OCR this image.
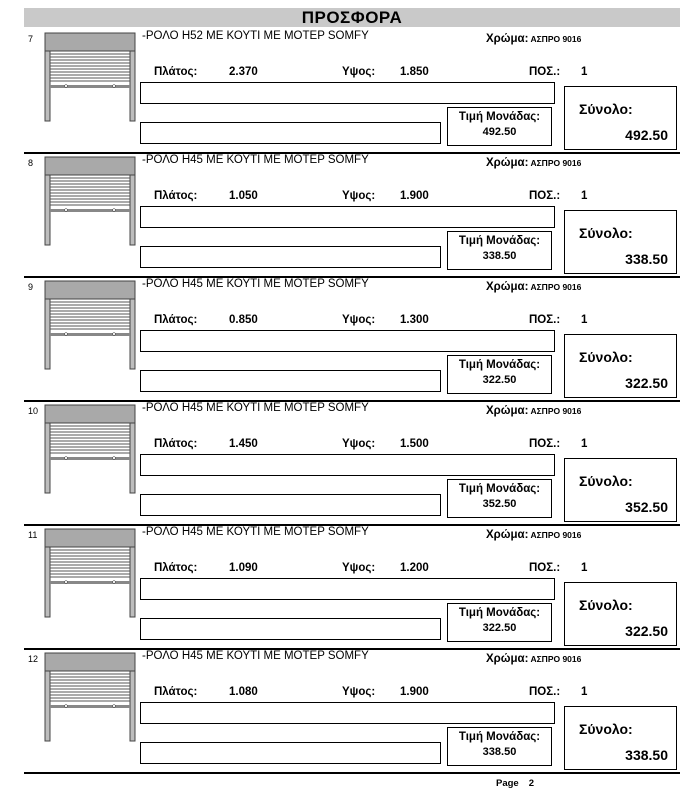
ΠΡΟΣΦΟΡΑ
7	-ΡΟΛΟ Η52 ΜΕ ΚΟΥΤΙ ΜΕ ΜΟΤΕΡ SOMFY	Χρώμα: ΑΣΠΡΟ 9016
Πλάτος:	2.370	Υψος: 1.850	ΠΟΣ.: 1
Τιμή Μονάδας:
492.50
Σύνολο:
492.50
8	-ΡΟΛΟ Η45 ΜΕ ΚΟΥΤΙ ΜΕ ΜΟΤΕΡ SOMFY	Χρώμα: ΑΣΠΡΟ 9016
Πλάτος:	1.050	Υψος: 1.900	ΠΟΣ.: 1
Τιμή Μονάδας:
338.50
Σύνολο:
338.50
9	-ΡΟΛΟ Η45 ΜΕ ΚΟΥΤΙ ΜΕ ΜΟΤΕΡ SOMFY	Χρώμα: ΑΣΠΡΟ 9016
Πλάτος:	0.850	Υψος: 1.300	ΠΟΣ.: 1
Τιμή Μονάδας:
322.50
Σύνολο:
322.50
10	-ΡΟΛΟ Η45 ΜΕ ΚΟΥΤΙ ΜΕ ΜΟΤΕΡ SOMFY	Χρώμα: ΑΣΠΡΟ 9016
Πλάτος:	1.450	Υψος: 1.500	ΠΟΣ.: 1
Τιμή Μονάδας:
352.50
Σύνολο:
352.50
11	-ΡΟΛΟ Η45 ΜΕ ΚΟΥΤΙ ΜΕ ΜΟΤΕΡ SOMFY	Χρώμα: ΑΣΠΡΟ 9016
Πλάτος:	1.090	Υψος: 1.200	ΠΟΣ.: 1
Τιμή Μονάδας:
322.50
Σύνολο:
322.50
12	-ΡΟΛΟ Η45 ΜΕ ΚΟΥΤΙ ΜΕ ΜΟΤΕΡ SOMFY	Χρώμα: ΑΣΠΡΟ 9016
Πλάτος:	1.080	Υψος: 1.900	ΠΟΣ.: 1
Τιμή Μονάδας:
338.50
Σύνολο:
338.50
Page 2
